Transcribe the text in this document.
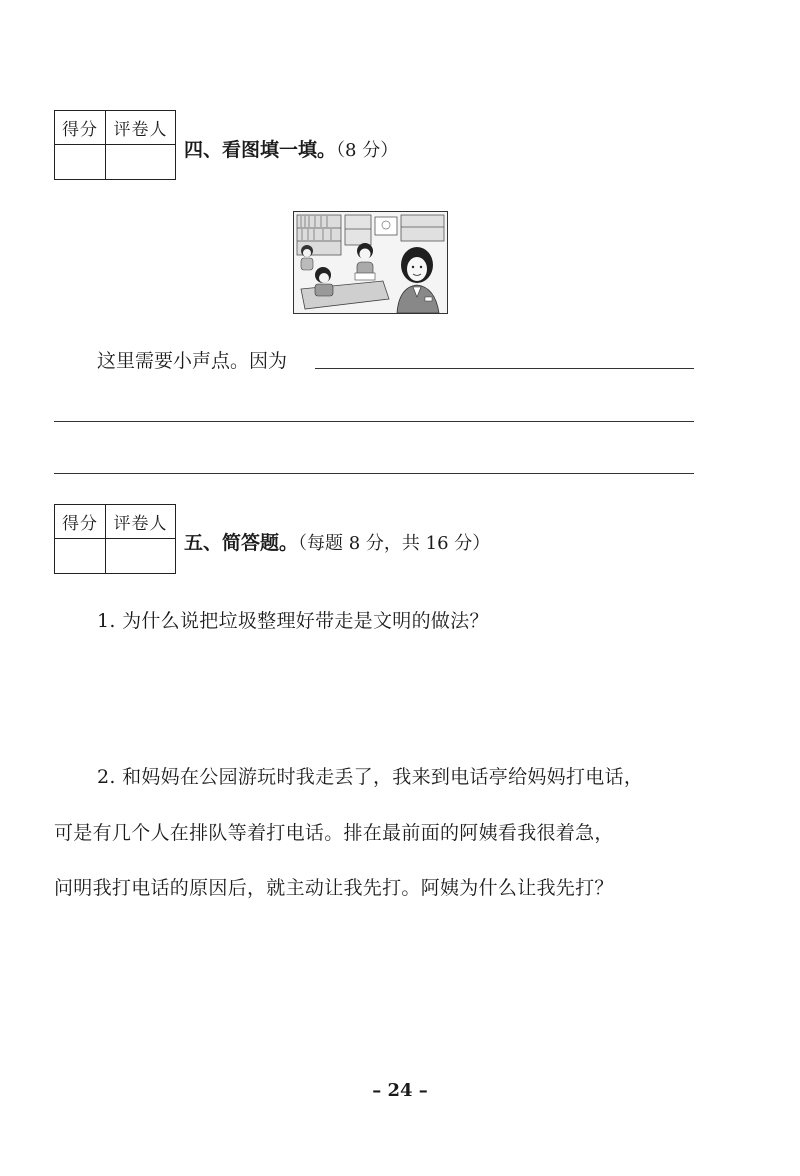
得分 评卷人
四、看图填一填。（8 分）
这里需要小声点。因为
得分 评卷人
五、简答题。（每题 8 分，共 16 分）
1. 为什么说把垃圾整理好带走是文明的做法？
2. 和妈妈在公园游玩时我走丢了，我来到电话亭给妈妈打电话，
可是有几个人在排队等着打电话。排在最前面的阿姨看我很着急，
问明我打电话的原因后，就主动让我先打。阿姨为什么让我先打？
– 24 –
